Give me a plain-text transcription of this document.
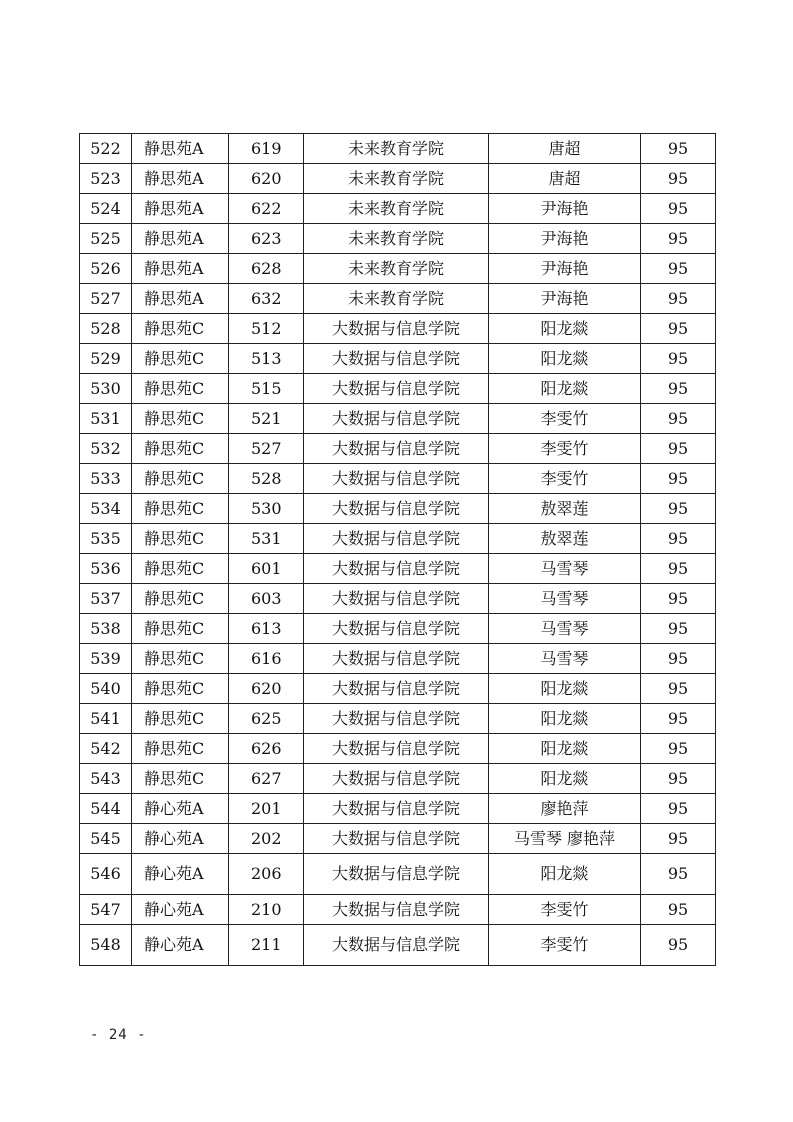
522	静思苑A	619	未来教育学院	唐超	95
523	静思苑A	620	未来教育学院	唐超	95
524	静思苑A	622	未来教育学院	尹海艳	95
525	静思苑A	623	未来教育学院	尹海艳	95
526	静思苑A	628	未来教育学院	尹海艳	95
527	静思苑A	632	未来教育学院	尹海艳	95
528	静思苑C	512	大数据与信息学院	阳龙燚	95
529	静思苑C	513	大数据与信息学院	阳龙燚	95
530	静思苑C	515	大数据与信息学院	阳龙燚	95
531	静思苑C	521	大数据与信息学院	李雯竹	95
532	静思苑C	527	大数据与信息学院	李雯竹	95
533	静思苑C	528	大数据与信息学院	李雯竹	95
534	静思苑C	530	大数据与信息学院	敖翠莲	95
535	静思苑C	531	大数据与信息学院	敖翠莲	95
536	静思苑C	601	大数据与信息学院	马雪琴	95
537	静思苑C	603	大数据与信息学院	马雪琴	95
538	静思苑C	613	大数据与信息学院	马雪琴	95
539	静思苑C	616	大数据与信息学院	马雪琴	95
540	静思苑C	620	大数据与信息学院	阳龙燚	95
541	静思苑C	625	大数据与信息学院	阳龙燚	95
542	静思苑C	626	大数据与信息学院	阳龙燚	95
543	静思苑C	627	大数据与信息学院	阳龙燚	95
544	静心苑A	201	大数据与信息学院	廖艳萍	95
545	静心苑A	202	大数据与信息学院	马雪琴 廖艳萍	95
546	静心苑A	206	大数据与信息学院	阳龙燚	95
547	静心苑A	210	大数据与信息学院	李雯竹	95
548	静心苑A	211	大数据与信息学院	李雯竹	95
- 24 -
